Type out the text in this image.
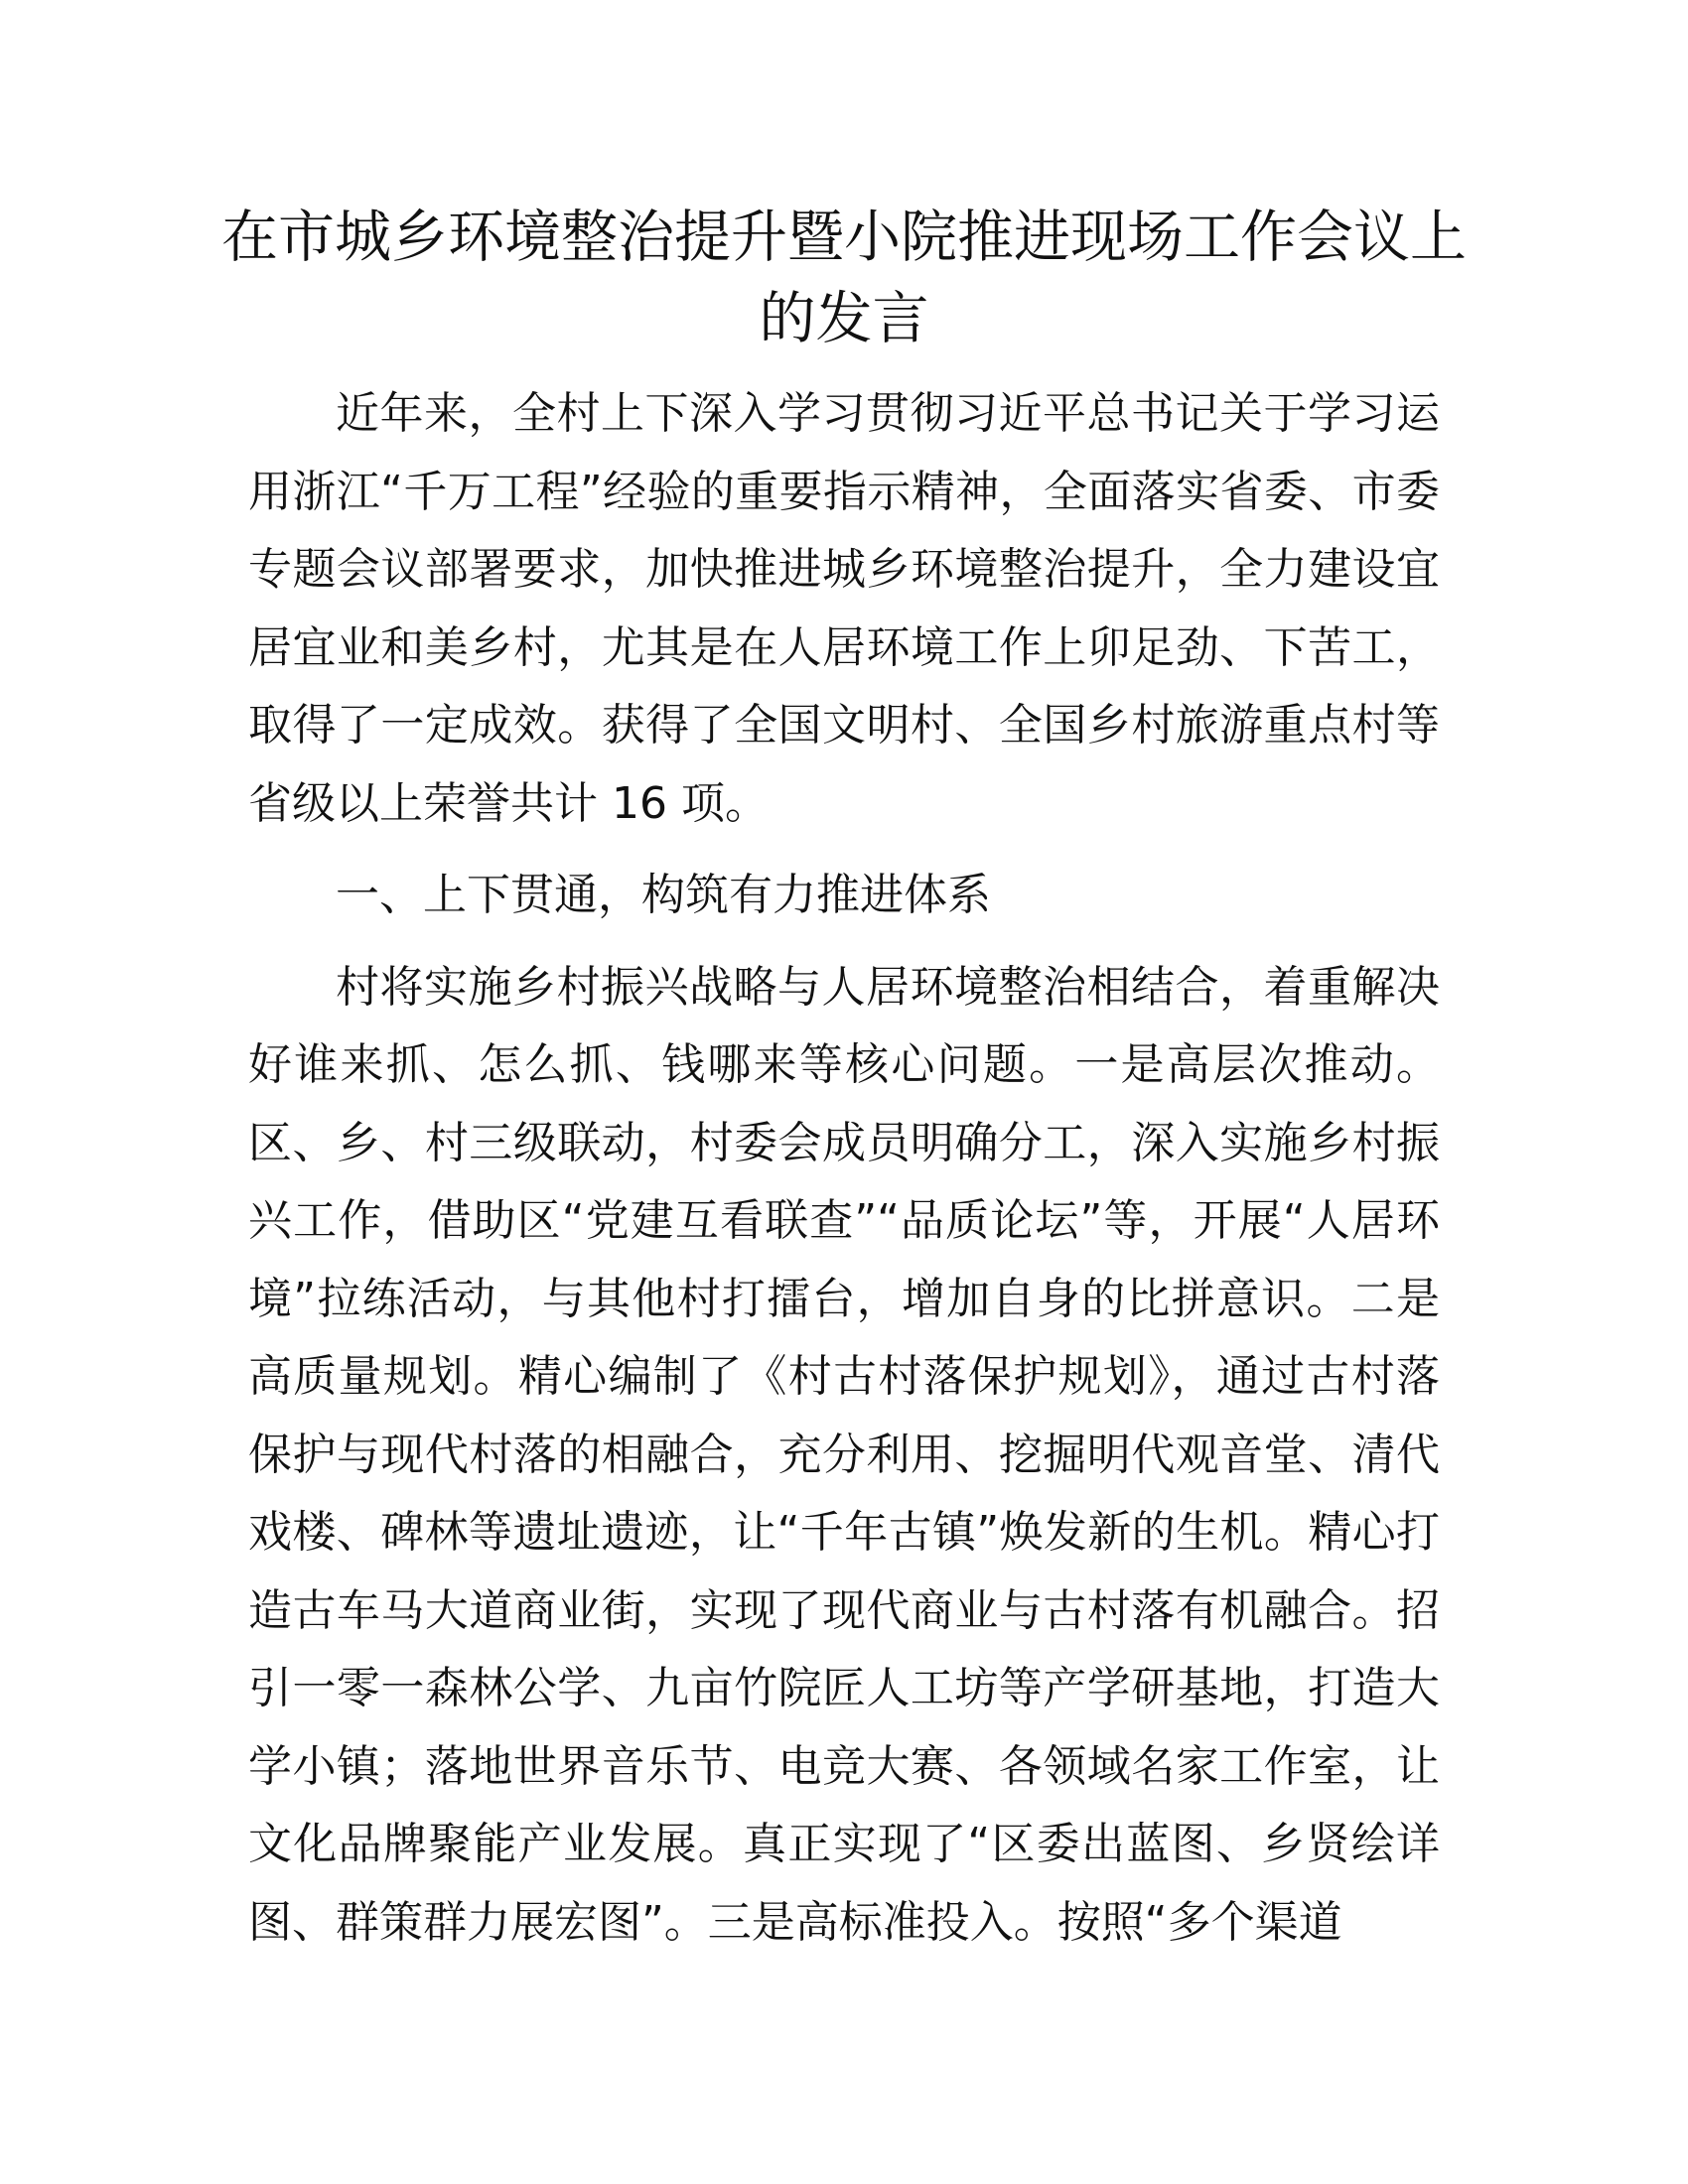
在市城乡环境整治提升暨小院推进现场工作会议上的发言

近年来，全村上下深入学习贯彻习近平总书记关于学习运用浙江“千万工程”经验的重要指示精神，全面落实省委、市委专题会议部署要求，加快推进城乡环境整治提升，全力建设宜居宜业和美乡村，尤其是在人居环境工作上卯足劲、下苦工，取得了一定成效。获得了全国文明村、全国乡村旅游重点村等省级以上荣誉共计 16 项。

一、上下贯通，构筑有力推进体系

村将实施乡村振兴战略与人居环境整治相结合，着重解决好谁来抓、怎么抓、钱哪来等核心问题。一是高层次推动。区、乡、村三级联动，村委会成员明确分工，深入实施乡村振兴工作，借助区“党建互看联查”“品质论坛”等，开展“人居环境”拉练活动，与其他村打擂台，增加自身的比拼意识。二是高质量规划。精心编制了《村古村落保护规划》，通过古村落保护与现代村落的相融合，充分利用、挖掘明代观音堂、清代戏楼、碑林等遗址遗迹，让“千年古镇”焕发新的生机。精心打造古车马大道商业街，实现了现代商业与古村落有机融合。招引一零一森林公学、九亩竹院匠人工坊等产学研基地，打造大学小镇；落地世界音乐节、电竞大赛、各领域名家工作室，让文化品牌聚能产业发展。真正实现了“区委出蓝图、乡贤绘详图、群策群力展宏图”。三是高标准投入。按照“多个渠道
